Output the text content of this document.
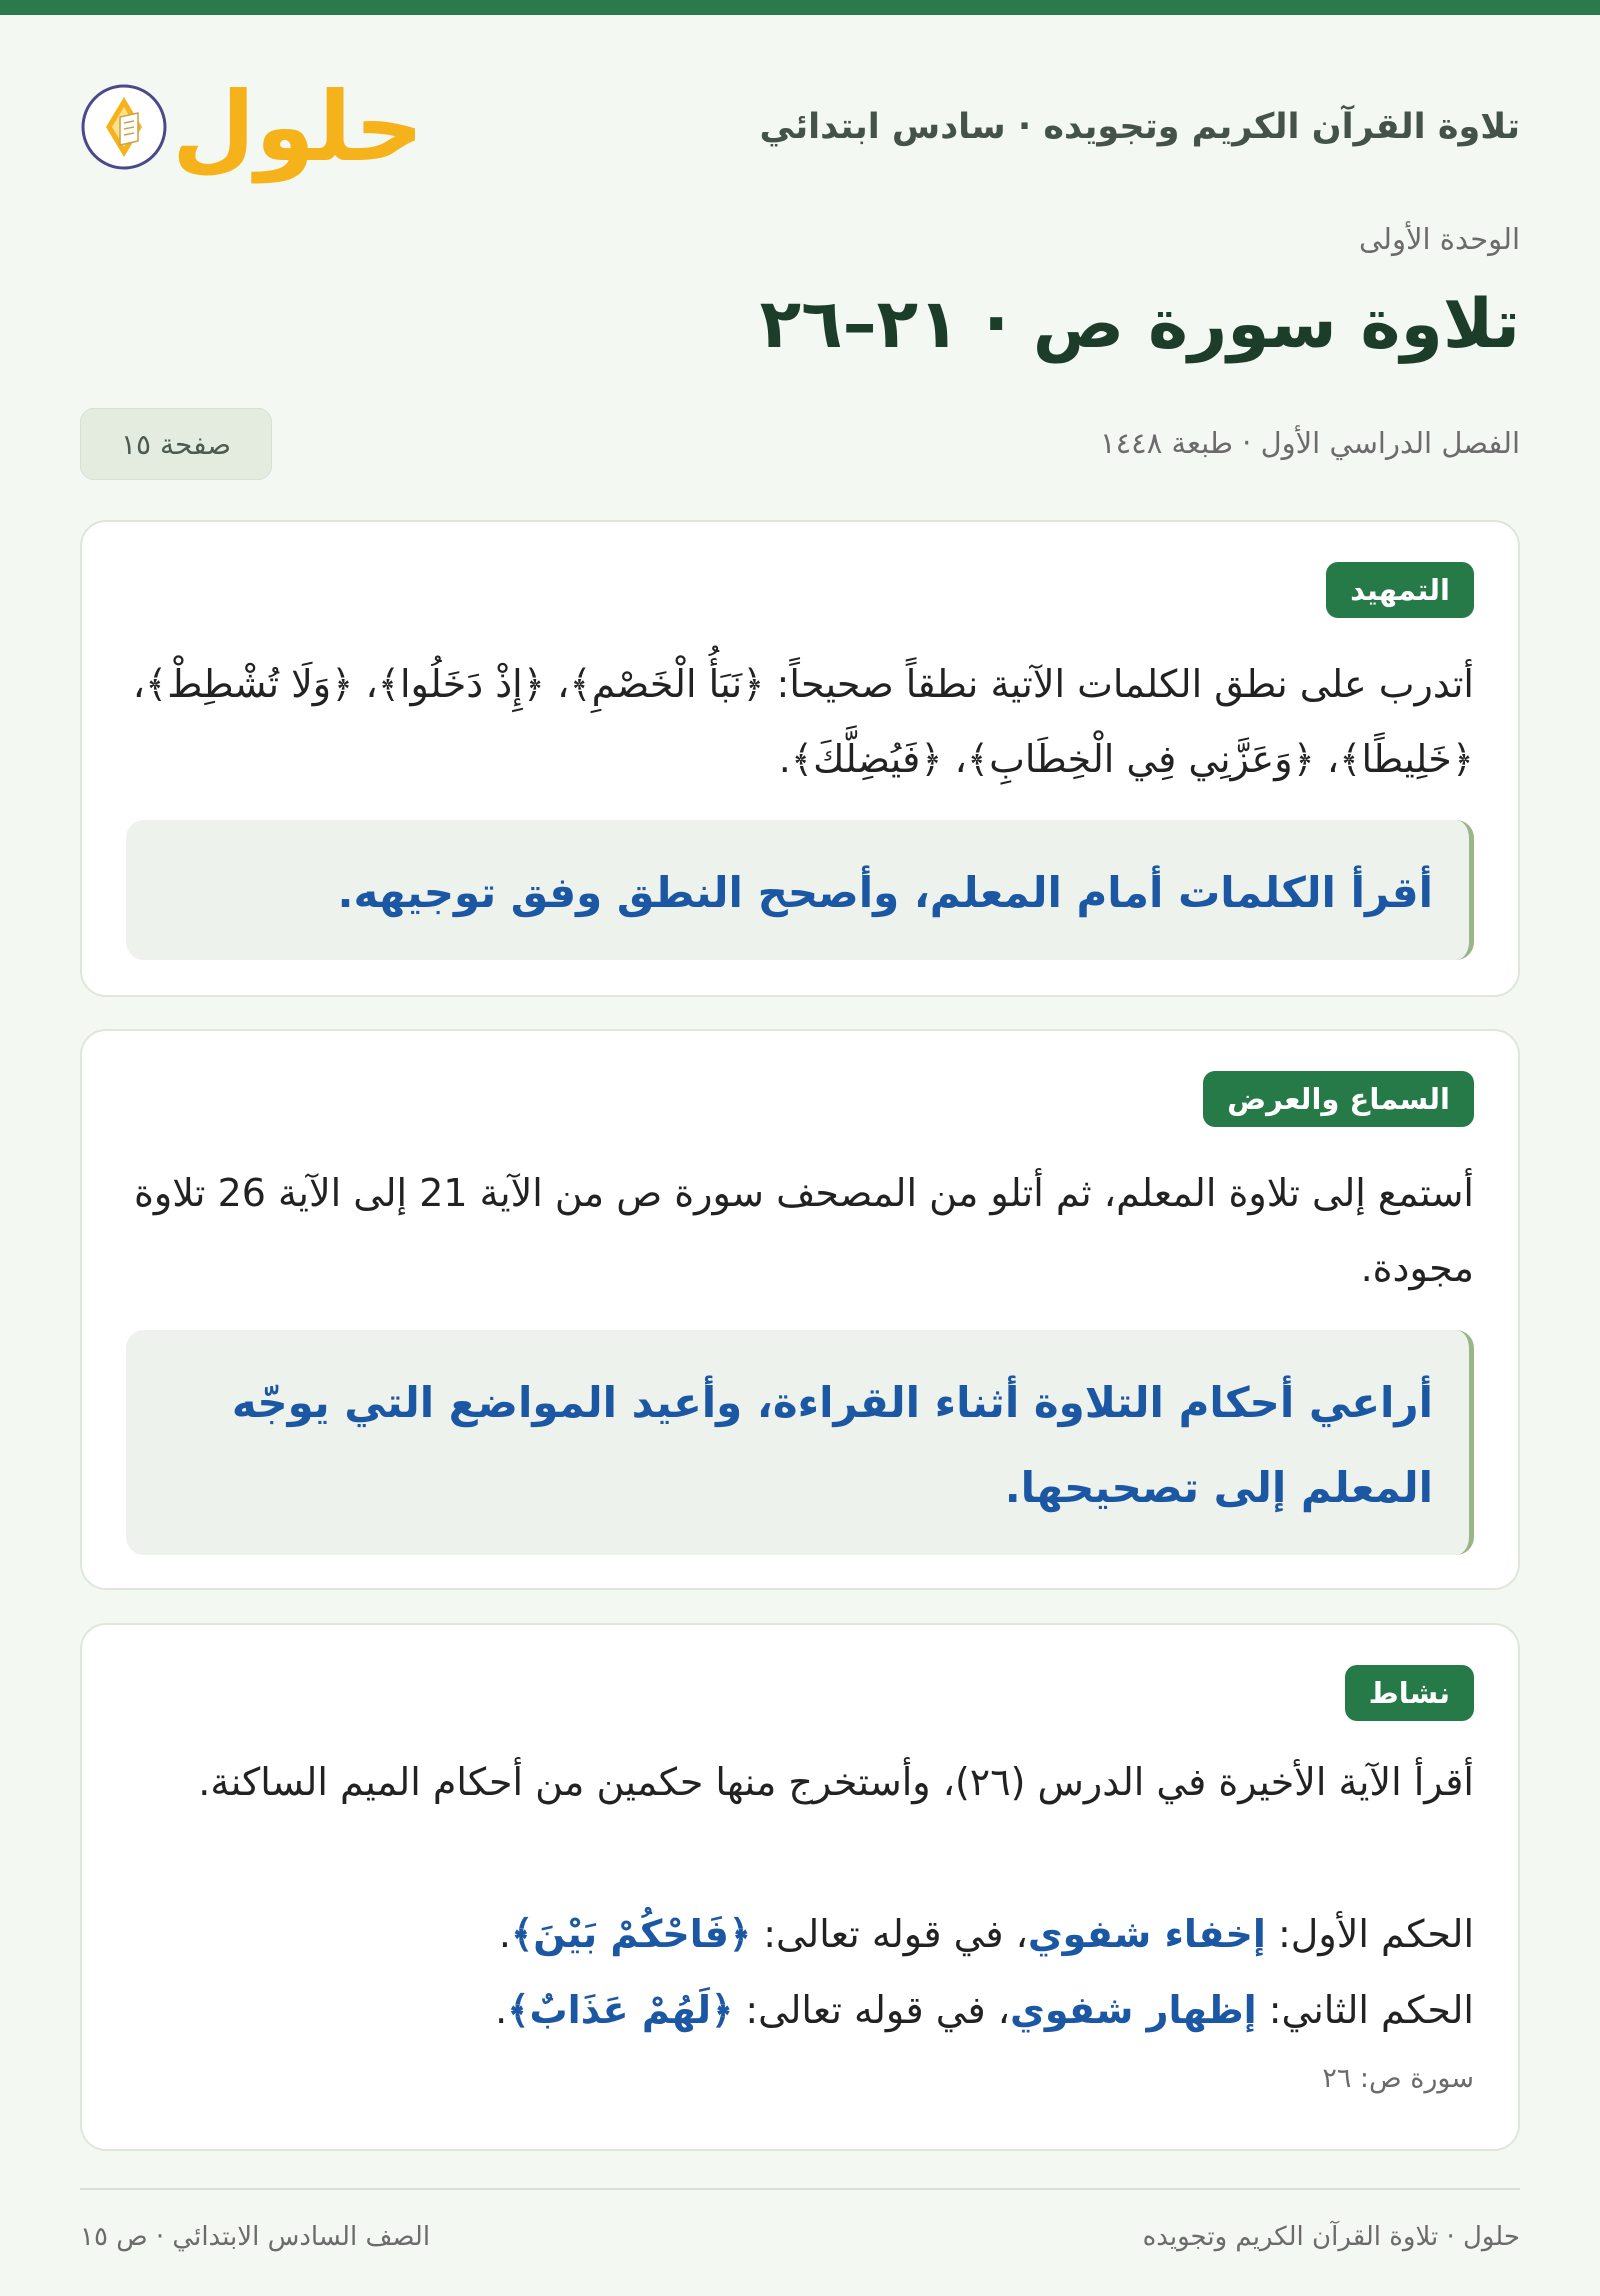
تلاوة القرآن الكريم وتجويده · سادس ابتدائي
حلول
الوحدة الأولى
تلاوة سورة ص · ٢١–٢٦
الفصل الدراسي الأول · طبعة ١٤٤٨
صفحة ١٥
التمهيد
أتدرب على نطق الكلمات الآتية نطقاً صحيحاً: ﴿نَبَأُ الْخَصْمِ﴾، ﴿إِذْ دَخَلُوا﴾، ﴿وَلَا تُشْطِطْ﴾، ﴿خَلِيطًا﴾، ﴿وَعَزَّنِي فِي الْخِطَابِ﴾، ﴿فَيُضِلَّكَ﴾.
أقرأ الكلمات أمام المعلم، وأصحح النطق وفق توجيهه.
السماع والعرض
أستمع إلى تلاوة المعلم، ثم أتلو من المصحف سورة ص من الآية 21 إلى الآية 26 تلاوة مجودة.
أراعي أحكام التلاوة أثناء القراءة، وأعيد المواضع التي يوجّه المعلم إلى تصحيحها.
نشاط
أقرأ الآية الأخيرة في الدرس (٢٦)، وأستخرج منها حكمين من أحكام الميم الساكنة.
الحكم الأول: إخفاء شفوي، في قوله تعالى: ﴿فَاحْكُمْ بَيْنَ﴾.
الحكم الثاني: إظهار شفوي، في قوله تعالى: ﴿لَهُمْ عَذَابٌ﴾.
سورة ص: ٢٦
حلول · تلاوة القرآن الكريم وتجويده
الصف السادس الابتدائي · ص ١٥
